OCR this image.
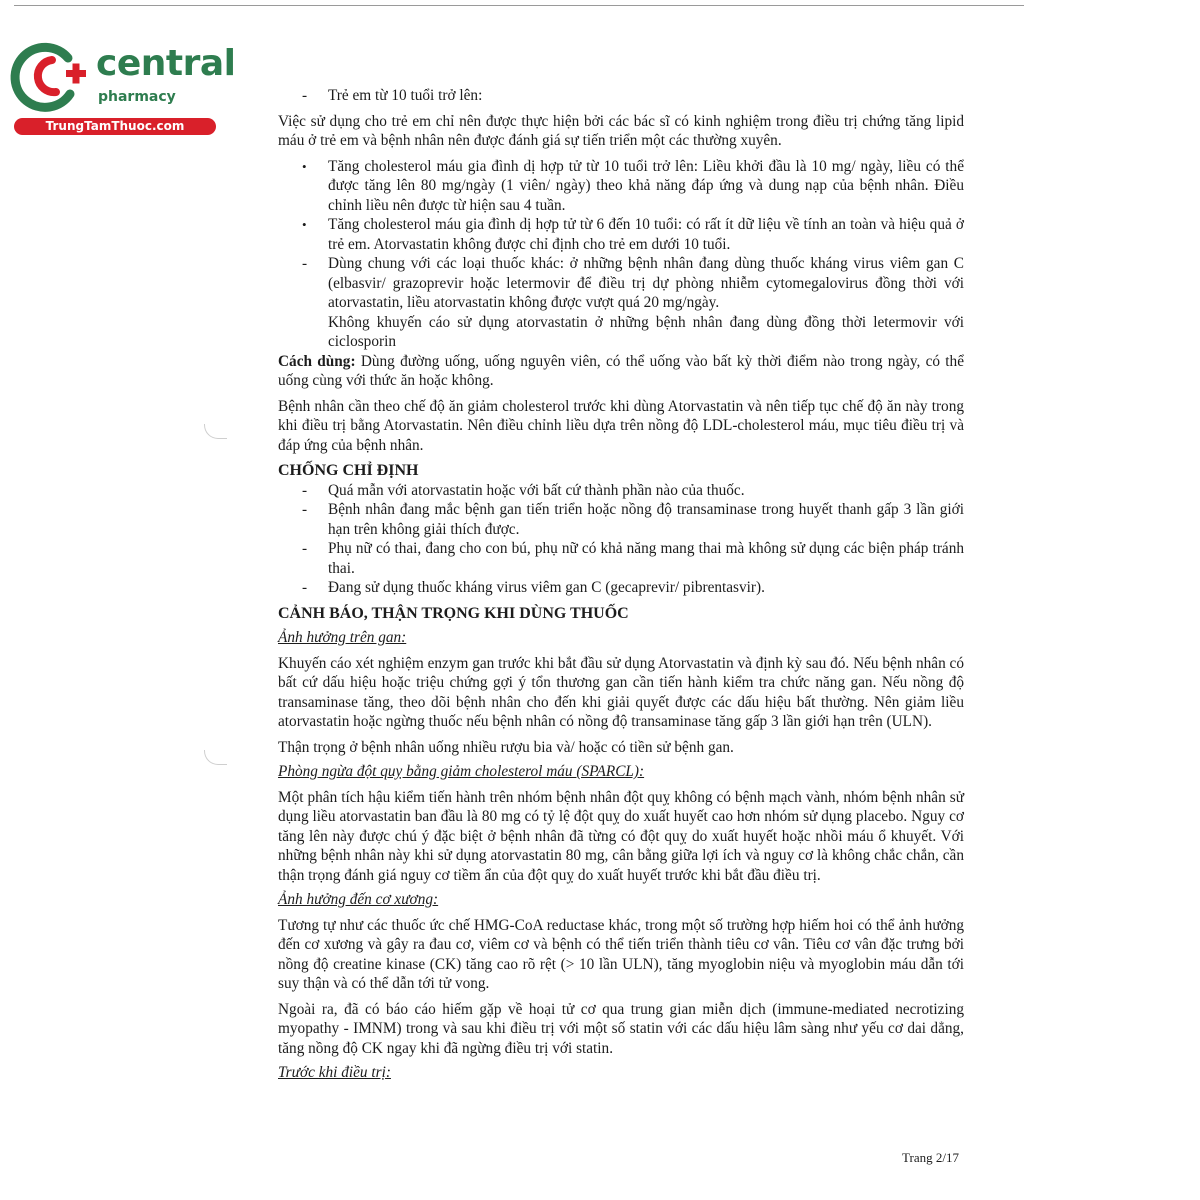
central
pharmacy
TrungTamThuoc.com

- Trẻ em từ 10 tuổi trở lên:

Việc sử dụng cho trẻ em chỉ nên được thực hiện bởi các bác sĩ có kinh nghiệm trong điều trị chứng tăng lipid máu ở trẻ em và bệnh nhân nên được đánh giá sự tiến triển một các thường xuyên.

• Tăng cholesterol máu gia đình dị hợp tử từ 10 tuổi trở lên: Liều khởi đầu là 10 mg/ ngày, liều có thể được tăng lên 80 mg/ngày (1 viên/ ngày) theo khả năng đáp ứng và dung nạp của bệnh nhân. Điều chỉnh liều nên được từ hiện sau 4 tuần.

• Tăng cholesterol máu gia đình dị hợp tử từ 6 đến 10 tuổi: có rất ít dữ liệu về tính an toàn và hiệu quả ở trẻ em. Atorvastatin không được chỉ định cho trẻ em dưới 10 tuổi.

- Dùng chung với các loại thuốc khác: ở những bệnh nhân đang dùng thuốc kháng virus viêm gan C (elbasvir/ grazoprevir hoặc letermovir để điều trị dự phòng nhiễm cytomegalovirus đồng thời với atorvastatin, liều atorvastatin không được vượt quá 20 mg/ngày.

Không khuyến cáo sử dụng atorvastatin ở những bệnh nhân đang dùng đồng thời letermovir với ciclosporin

Cách dùng: Dùng đường uống, uống nguyên viên, có thể uống vào bất kỳ thời điểm nào trong ngày, có thể uống cùng với thức ăn hoặc không.

Bệnh nhân cần theo chế độ ăn giảm cholesterol trước khi dùng Atorvastatin và nên tiếp tục chế độ ăn này trong khi điều trị bằng Atorvastatin. Nên điều chỉnh liều dựa trên nồng độ LDL-cholesterol máu, mục tiêu điều trị và đáp ứng của bệnh nhân.

CHỐNG CHỈ ĐỊNH

- Quá mẫn với atorvastatin hoặc với bất cứ thành phần nào của thuốc.

- Bệnh nhân đang mắc bệnh gan tiến triển hoặc nồng độ transaminase trong huyết thanh gấp 3 lần giới hạn trên không giải thích được.

- Phụ nữ có thai, đang cho con bú, phụ nữ có khả năng mang thai mà không sử dụng các biện pháp tránh thai.

- Đang sử dụng thuốc kháng virus viêm gan C (gecaprevir/ pibrentasvir).

CẢNH BÁO, THẬN TRỌNG KHI DÙNG THUỐC

Ảnh hưởng trên gan:

Khuyến cáo xét nghiệm enzym gan trước khi bắt đầu sử dụng Atorvastatin và định kỳ sau đó. Nếu bệnh nhân có bất cứ dấu hiệu hoặc triệu chứng gợi ý tổn thương gan cần tiến hành kiểm tra chức năng gan. Nếu nồng độ transaminase tăng, theo dõi bệnh nhân cho đến khi giải quyết được các dấu hiệu bất thường. Nên giảm liều atorvastatin hoặc ngừng thuốc nếu bệnh nhân có nồng độ transaminase tăng gấp 3 lần giới hạn trên (ULN).

Thận trọng ở bệnh nhân uống nhiều rượu bia và/ hoặc có tiền sử bệnh gan.

Phòng ngừa đột quỵ bằng giảm cholesterol máu (SPARCL):

Một phân tích hậu kiểm tiến hành trên nhóm bệnh nhân đột quỵ không có bệnh mạch vành, nhóm bệnh nhân sử dụng liều atorvastatin ban đầu là 80 mg có tỷ lệ đột quỵ do xuất huyết cao hơn nhóm sử dụng placebo. Nguy cơ tăng lên này được chú ý đặc biệt ở bệnh nhân đã từng có đột quỵ do xuất huyết hoặc nhồi máu ổ khuyết. Với những bệnh nhân này khi sử dụng atorvastatin 80 mg, cân bằng giữa lợi ích và nguy cơ là không chắc chắn, cần thận trọng đánh giá nguy cơ tiềm ẩn của đột quỵ do xuất huyết trước khi bắt đầu điều trị.

Ảnh hưởng đến cơ xương:

Tương tự như các thuốc ức chế HMG-CoA reductase khác, trong một số trường hợp hiếm hoi có thể ảnh hưởng đến cơ xương và gây ra đau cơ, viêm cơ và bệnh có thể tiến triển thành tiêu cơ vân. Tiêu cơ vân đặc trưng bởi nồng độ creatine kinase (CK) tăng cao rõ rệt (> 10 lần ULN), tăng myoglobin niệu và myoglobin máu dẫn tới suy thận và có thể dẫn tới tử vong.

Ngoài ra, đã có báo cáo hiếm gặp về hoại tử cơ qua trung gian miễn dịch (immune-mediated necrotizing myopathy - IMNM) trong và sau khi điều trị với một số statin với các dấu hiệu lâm sàng như yếu cơ dai dẳng, tăng nồng độ CK ngay khi đã ngừng điều trị với statin.

Trước khi điều trị:

Trang 2/17
